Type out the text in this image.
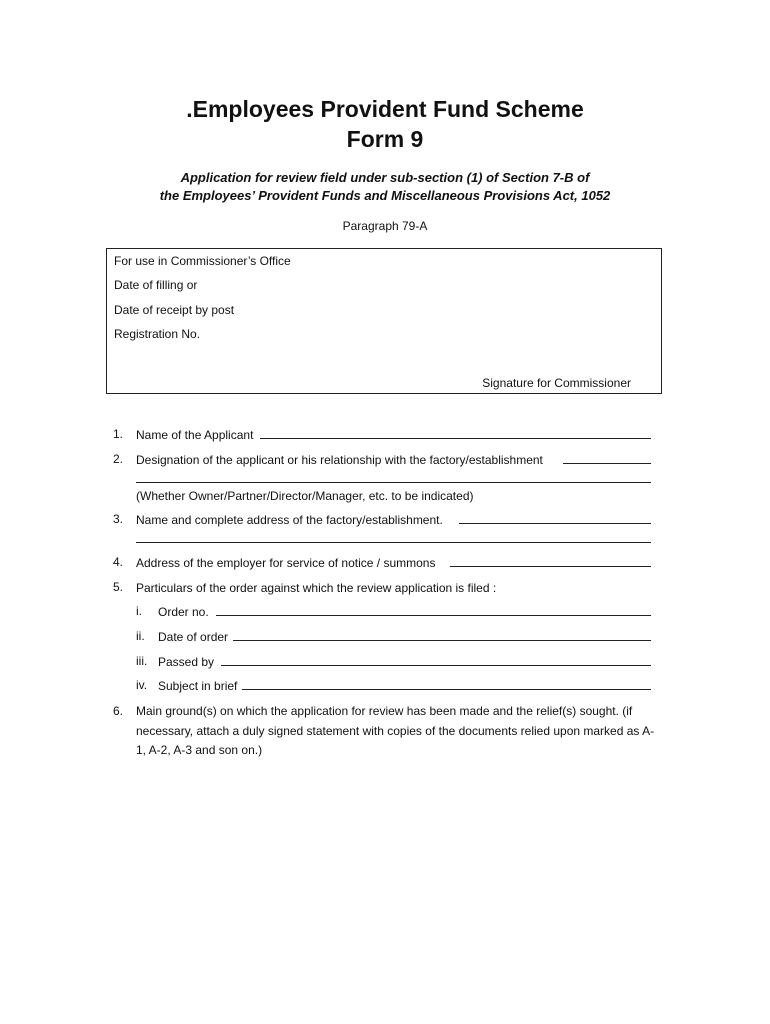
.Employees Provident Fund Scheme
Form 9
Application for review field under sub-section (1) of Section 7-B of
the Employees’ Provident Funds and Miscellaneous Provisions Act, 1052
Paragraph 79-A
For use in Commissioner’s Office
Date of filling or
Date of receipt by post
Registration No.
Signature for Commissioner
1. Name of the Applicant
2. Designation of the applicant or his relationship with the factory/establishment
(Whether Owner/Partner/Director/Manager, etc. to be indicated)
3. Name and complete address of the factory/establishment.
4. Address of the employer for service of notice / summons
5. Particulars of the order against which the review application is filed :
i. Order no.
ii. Date of order
iii. Passed by
iv. Subject in brief
6. Main ground(s) on which the application for review has been made and the relief(s) sought. (if necessary, attach a duly signed statement with copies of the documents relied upon marked as A-1, A-2, A-3 and son on.)
